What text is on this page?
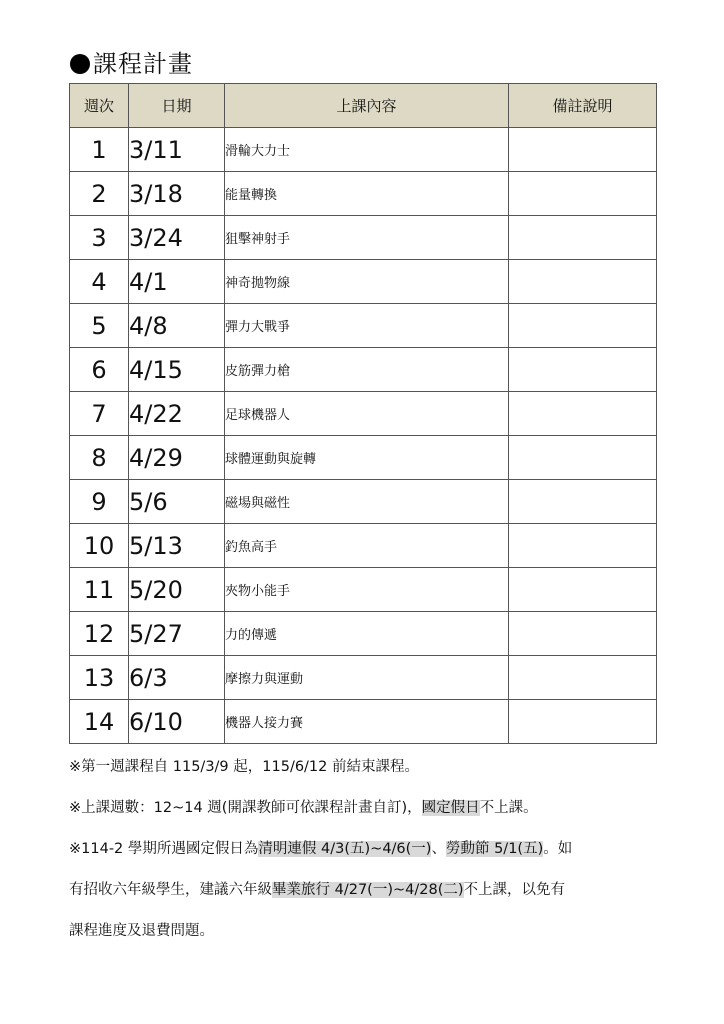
課程計畫
週次	日期	上課內容	備註說明
1	3/11	滑輪大力士	
2	3/18	能量轉換	
3	3/24	狙擊神射手	
4	4/1	神奇拋物線	
5	4/8	彈力大戰爭	
6	4/15	皮筋彈力槍	
7	4/22	足球機器人	
8	4/29	球體運動與旋轉	
9	5/6	磁場與磁性	
10	5/13	釣魚高手	
11	5/20	夾物小能手	
12	5/27	力的傳遞	
13	6/3	摩擦力與運動	
14	6/10	機器人接力賽	
※第一週課程自 115/3/9 起，115/6/12 前結束課程。
※上課週數：12~14 週(開課教師可依課程計畫自訂)，國定假日不上課。
※114-2 學期所遇國定假日為清明連假 4/3(五)~4/6(一)、勞動節 5/1(五)。如
有招收六年級學生，建議六年級畢業旅行 4/27(一)~4/28(二)不上課，以免有
課程進度及退費問題。
